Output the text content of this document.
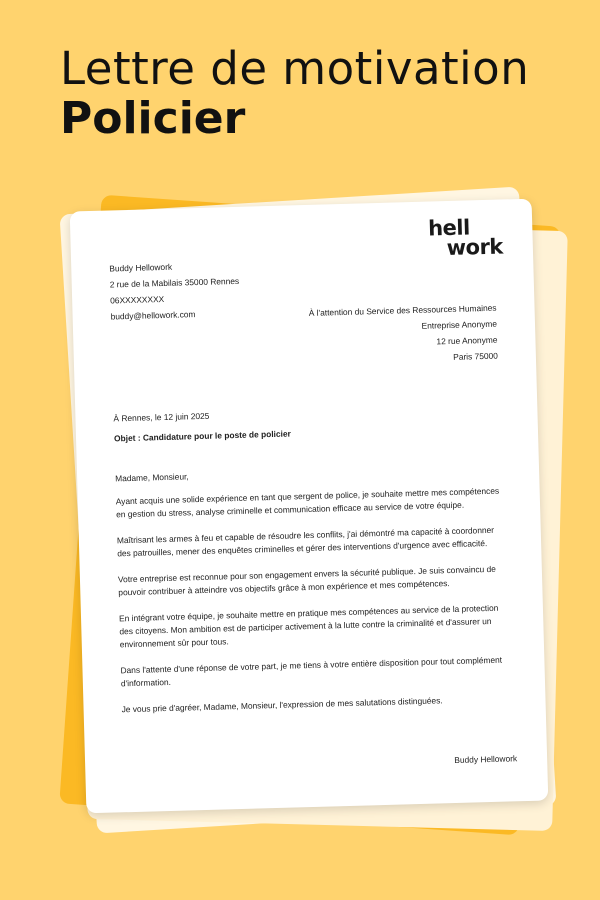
Lettre de motivation
Policier
hell
work
Buddy Hellowork
2 rue de la Mabilais 35000 Rennes
06XXXXXXXX
buddy@hellowork.com	À l'attention du Service des Ressources Humaines
Entreprise Anonyme
12 rue Anonyme
Paris 75000
À Rennes, le 12 juin 2025
Objet : Candidature pour le poste de policier

Madame, Monsieur,

Ayant acquis une solide expérience en tant que sergent de police, je souhaite mettre mes compétences en gestion du stress, analyse criminelle et communication efficace au service de votre équipe.

Maîtrisant les armes à feu et capable de résoudre les conflits, j'ai démontré ma capacité à coordonner des patrouilles, mener des enquêtes criminelles et gérer des interventions d'urgence avec efficacité.

Votre entreprise est reconnue pour son engagement envers la sécurité publique. Je suis convaincu de pouvoir contribuer à atteindre vos objectifs grâce à mon expérience et mes compétences.

En intégrant votre équipe, je souhaite mettre en pratique mes compétences au service de la protection des citoyens. Mon ambition est de participer activement à la lutte contre la criminalité et d'assurer un environnement sûr pour tous.

Dans l'attente d'une réponse de votre part, je me tiens à votre entière disposition pour tout complément d'information.

Je vous prie d'agréer, Madame, Monsieur, l'expression de mes salutations distinguées.

Buddy Hellowork
